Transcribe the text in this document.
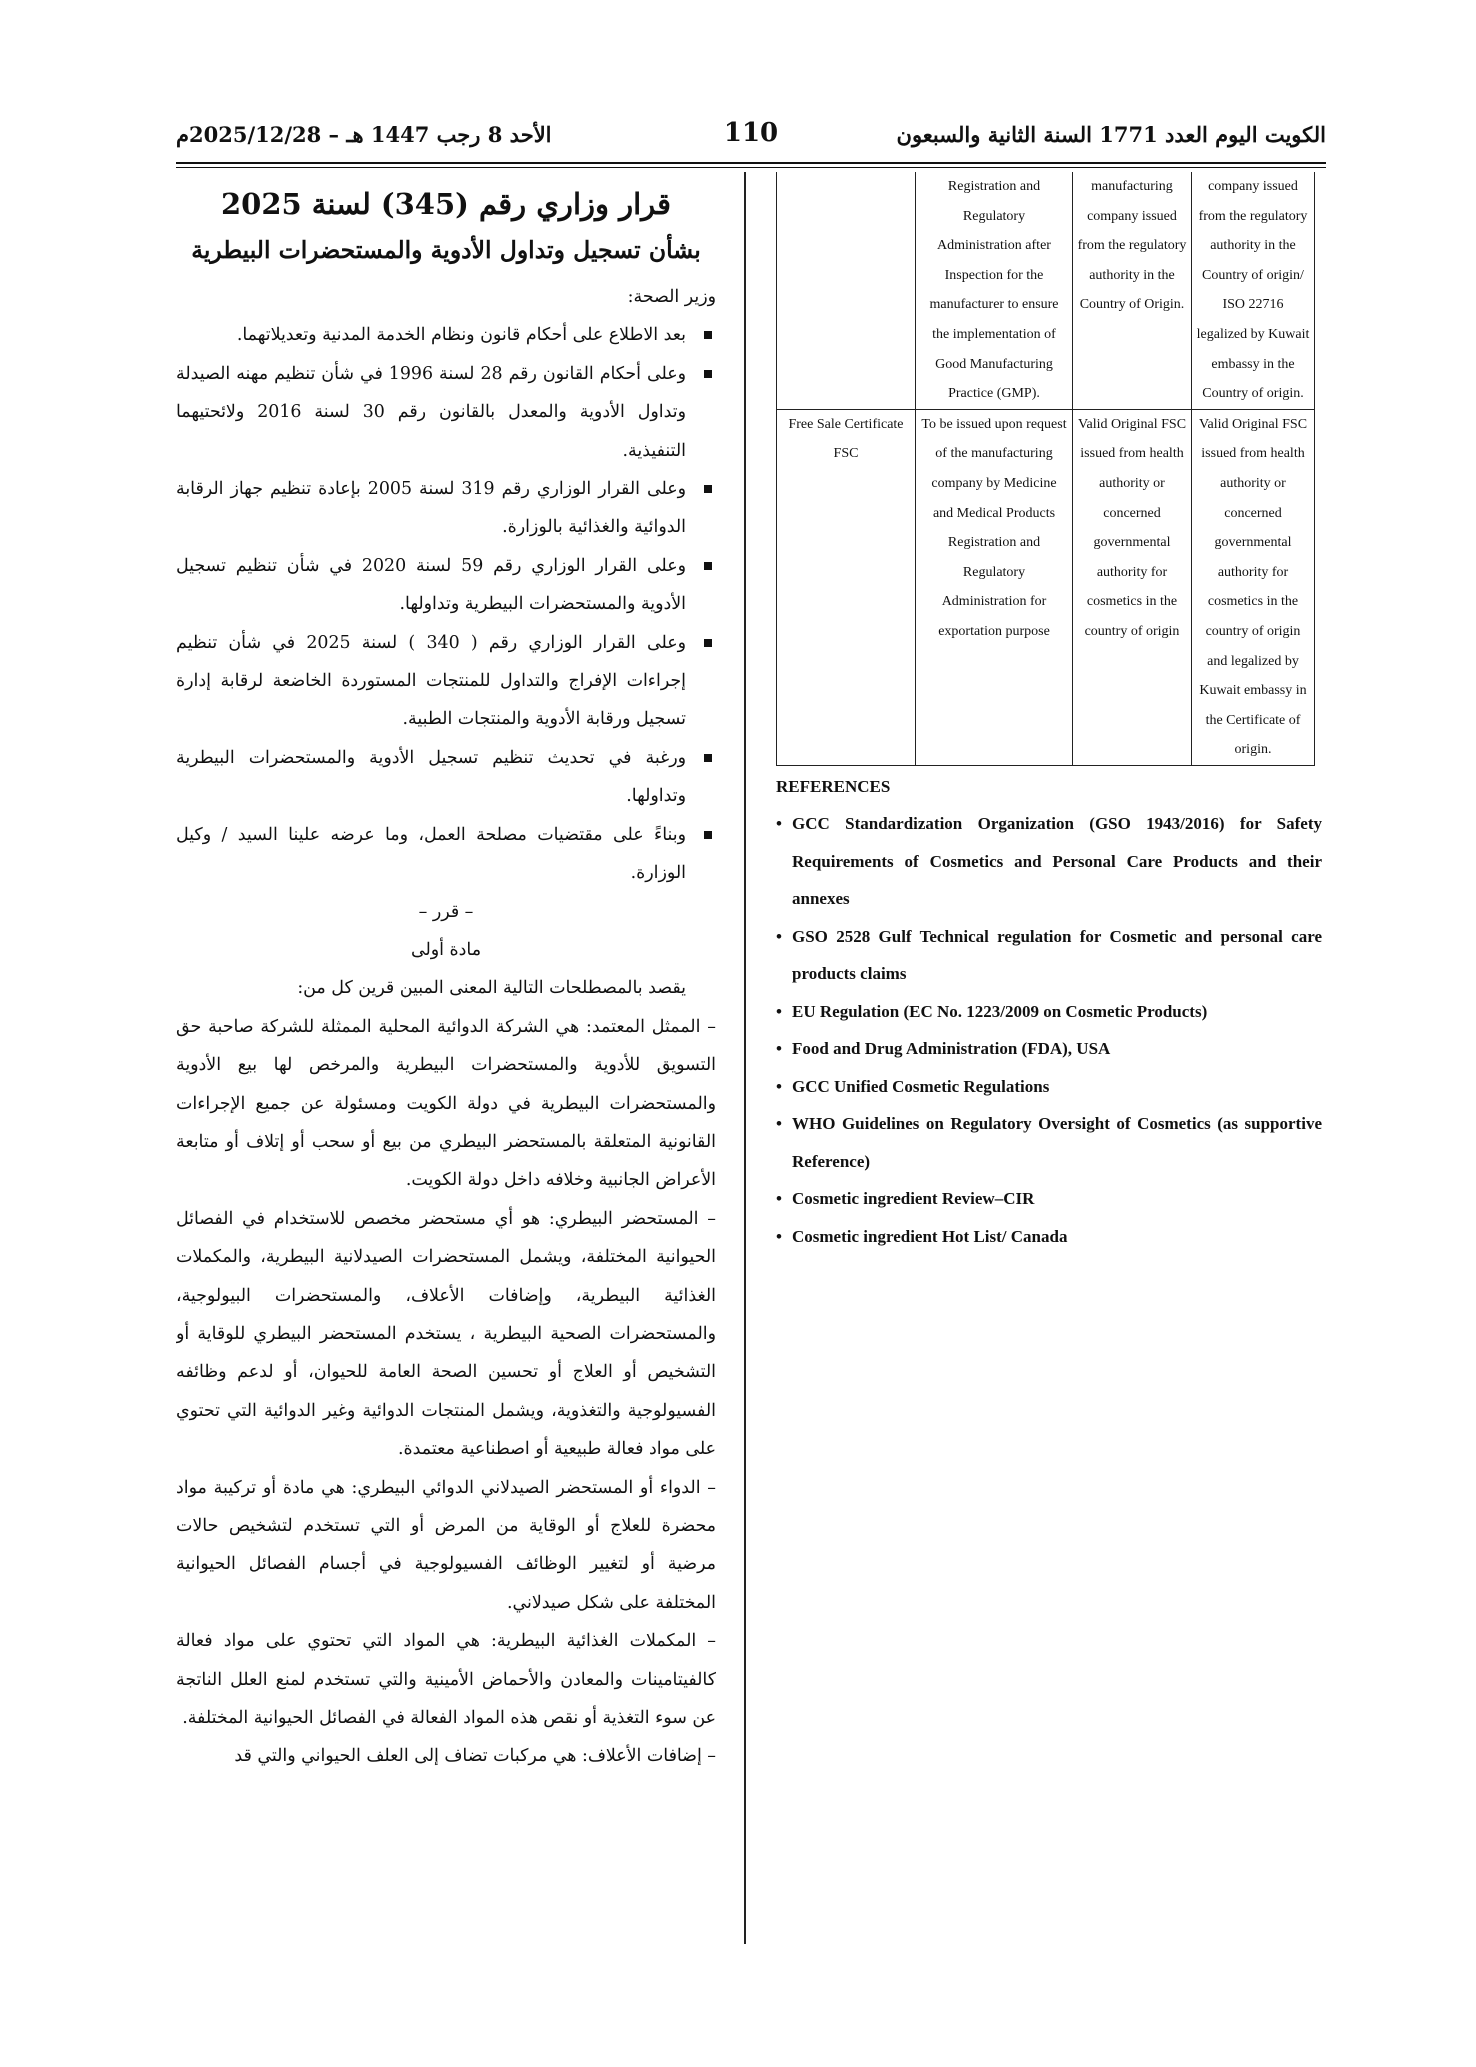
الكويت اليوم العدد 1771 السنة الثانية والسبعون
110
الأحد 8 رجب 1447 هـ – 2025/12/28م

قرار وزاري رقم (345) لسنة 2025

بشأن تسجيل وتداول الأدوية والمستحضرات البيطرية

وزير الصحة:

بعد الاطلاع على أحكام قانون ونظام الخدمة المدنية وتعديلاتهما.

وعلى أحكام القانون رقم 28 لسنة 1996 في شأن تنظيم مهنه الصيدلة وتداول الأدوية والمعدل بالقانون رقم 30 لسنة 2016 ولائحتيهما التنفيذية.

وعلى القرار الوزاري رقم 319 لسنة 2005 بإعادة تنظيم جهاز الرقابة الدوائية والغذائية بالوزارة.

وعلى القرار الوزاري رقم 59 لسنة 2020 في شأن تنظيم تسجيل الأدوية والمستحضرات البيطرية وتداولها.

وعلى القرار الوزاري رقم ( 340 ) لسنة 2025 في شأن تنظيم إجراءات الإفراج والتداول للمنتجات المستوردة الخاضعة لرقابة إدارة تسجيل ورقابة الأدوية والمنتجات الطبية.

ورغبة في تحديث تنظيم تسجيل الأدوية والمستحضرات البيطرية وتداولها.

وبناءً على مقتضيات مصلحة العمل، وما عرضه علينا السيد / وكيل الوزارة.

– قرر –

مادة أولى

يقصد بالمصطلحات التالية المعنى المبين قرين كل من:

– الممثل المعتمد: هي الشركة الدوائية المحلية الممثلة للشركة صاحبة حق التسويق للأدوية والمستحضرات البيطرية والمرخص لها بيع الأدوية والمستحضرات البيطرية في دولة الكويت ومسئولة عن جميع الإجراءات القانونية المتعلقة بالمستحضر البيطري من بيع أو سحب أو إتلاف أو متابعة الأعراض الجانبية وخلافه داخل دولة الكويت.

– المستحضر البيطري: هو أي مستحضر مخصص للاستخدام في الفصائل الحيوانية المختلفة، ويشمل المستحضرات الصيدلانية البيطرية، والمكملات الغذائية البيطرية، وإضافات الأعلاف، والمستحضرات البيولوجية، والمستحضرات الصحية البيطرية ، يستخدم المستحضر البيطري للوقاية أو التشخيص أو العلاج أو تحسين الصحة العامة للحيوان، أو لدعم وظائفه الفسيولوجية والتغذوية، ويشمل المنتجات الدوائية وغير الدوائية التي تحتوي على مواد فعالة طبيعية أو اصطناعية معتمدة.

– الدواء أو المستحضر الصيدلاني الدوائي البيطري: هي مادة أو تركيبة مواد محضرة للعلاج أو الوقاية من المرض أو التي تستخدم لتشخيص حالات مرضية أو لتغيير الوظائف الفسيولوجية في أجسام الفصائل الحيوانية المختلفة على شكل صيدلاني.

– المكملات الغذائية البيطرية: هي المواد التي تحتوي على مواد فعالة كالفيتامينات والمعادن والأحماض الأمينية والتي تستخدم لمنع العلل الناتجة عن سوء التغذية أو نقص هذه المواد الفعالة في الفصائل الحيوانية المختلفة.

– إضافات الأعلاف: هي مركبات تضاف إلى العلف الحيواني والتي قد

	Registration and Regulatory Administration after Inspection for the manufacturer to ensure the implementation of Good Manufacturing Practice (GMP).	manufacturing company issued from the regulatory authority in the Country of Origin.	company issued from the regulatory authority in the Country of origin/ ISO 22716 legalized by Kuwait embassy in the Country of origin.
Free Sale Certificate FSC	To be issued upon request of the manufacturing company by Medicine and Medical Products Registration and Regulatory Administration for exportation purpose	Valid Original FSC issued from health authority or concerned governmental authority for cosmetics in the country of origin	Valid Original FSC issued from health authority or concerned governmental authority for cosmetics in the country of origin and legalized by Kuwait embassy in the Certificate of origin.

REFERENCES

• GCC Standardization Organization (GSO 1943/2016) for Safety Requirements of Cosmetics and Personal Care Products and their annexes
• GSO 2528 Gulf Technical regulation for Cosmetic and personal care products claims
• EU Regulation (EC No. 1223/2009 on Cosmetic Products)
• Food and Drug Administration (FDA), USA
• GCC Unified Cosmetic Regulations
• WHO Guidelines on Regulatory Oversight of Cosmetics (as supportive Reference)
• Cosmetic ingredient Review–CIR
• Cosmetic ingredient Hot List/ Canada
